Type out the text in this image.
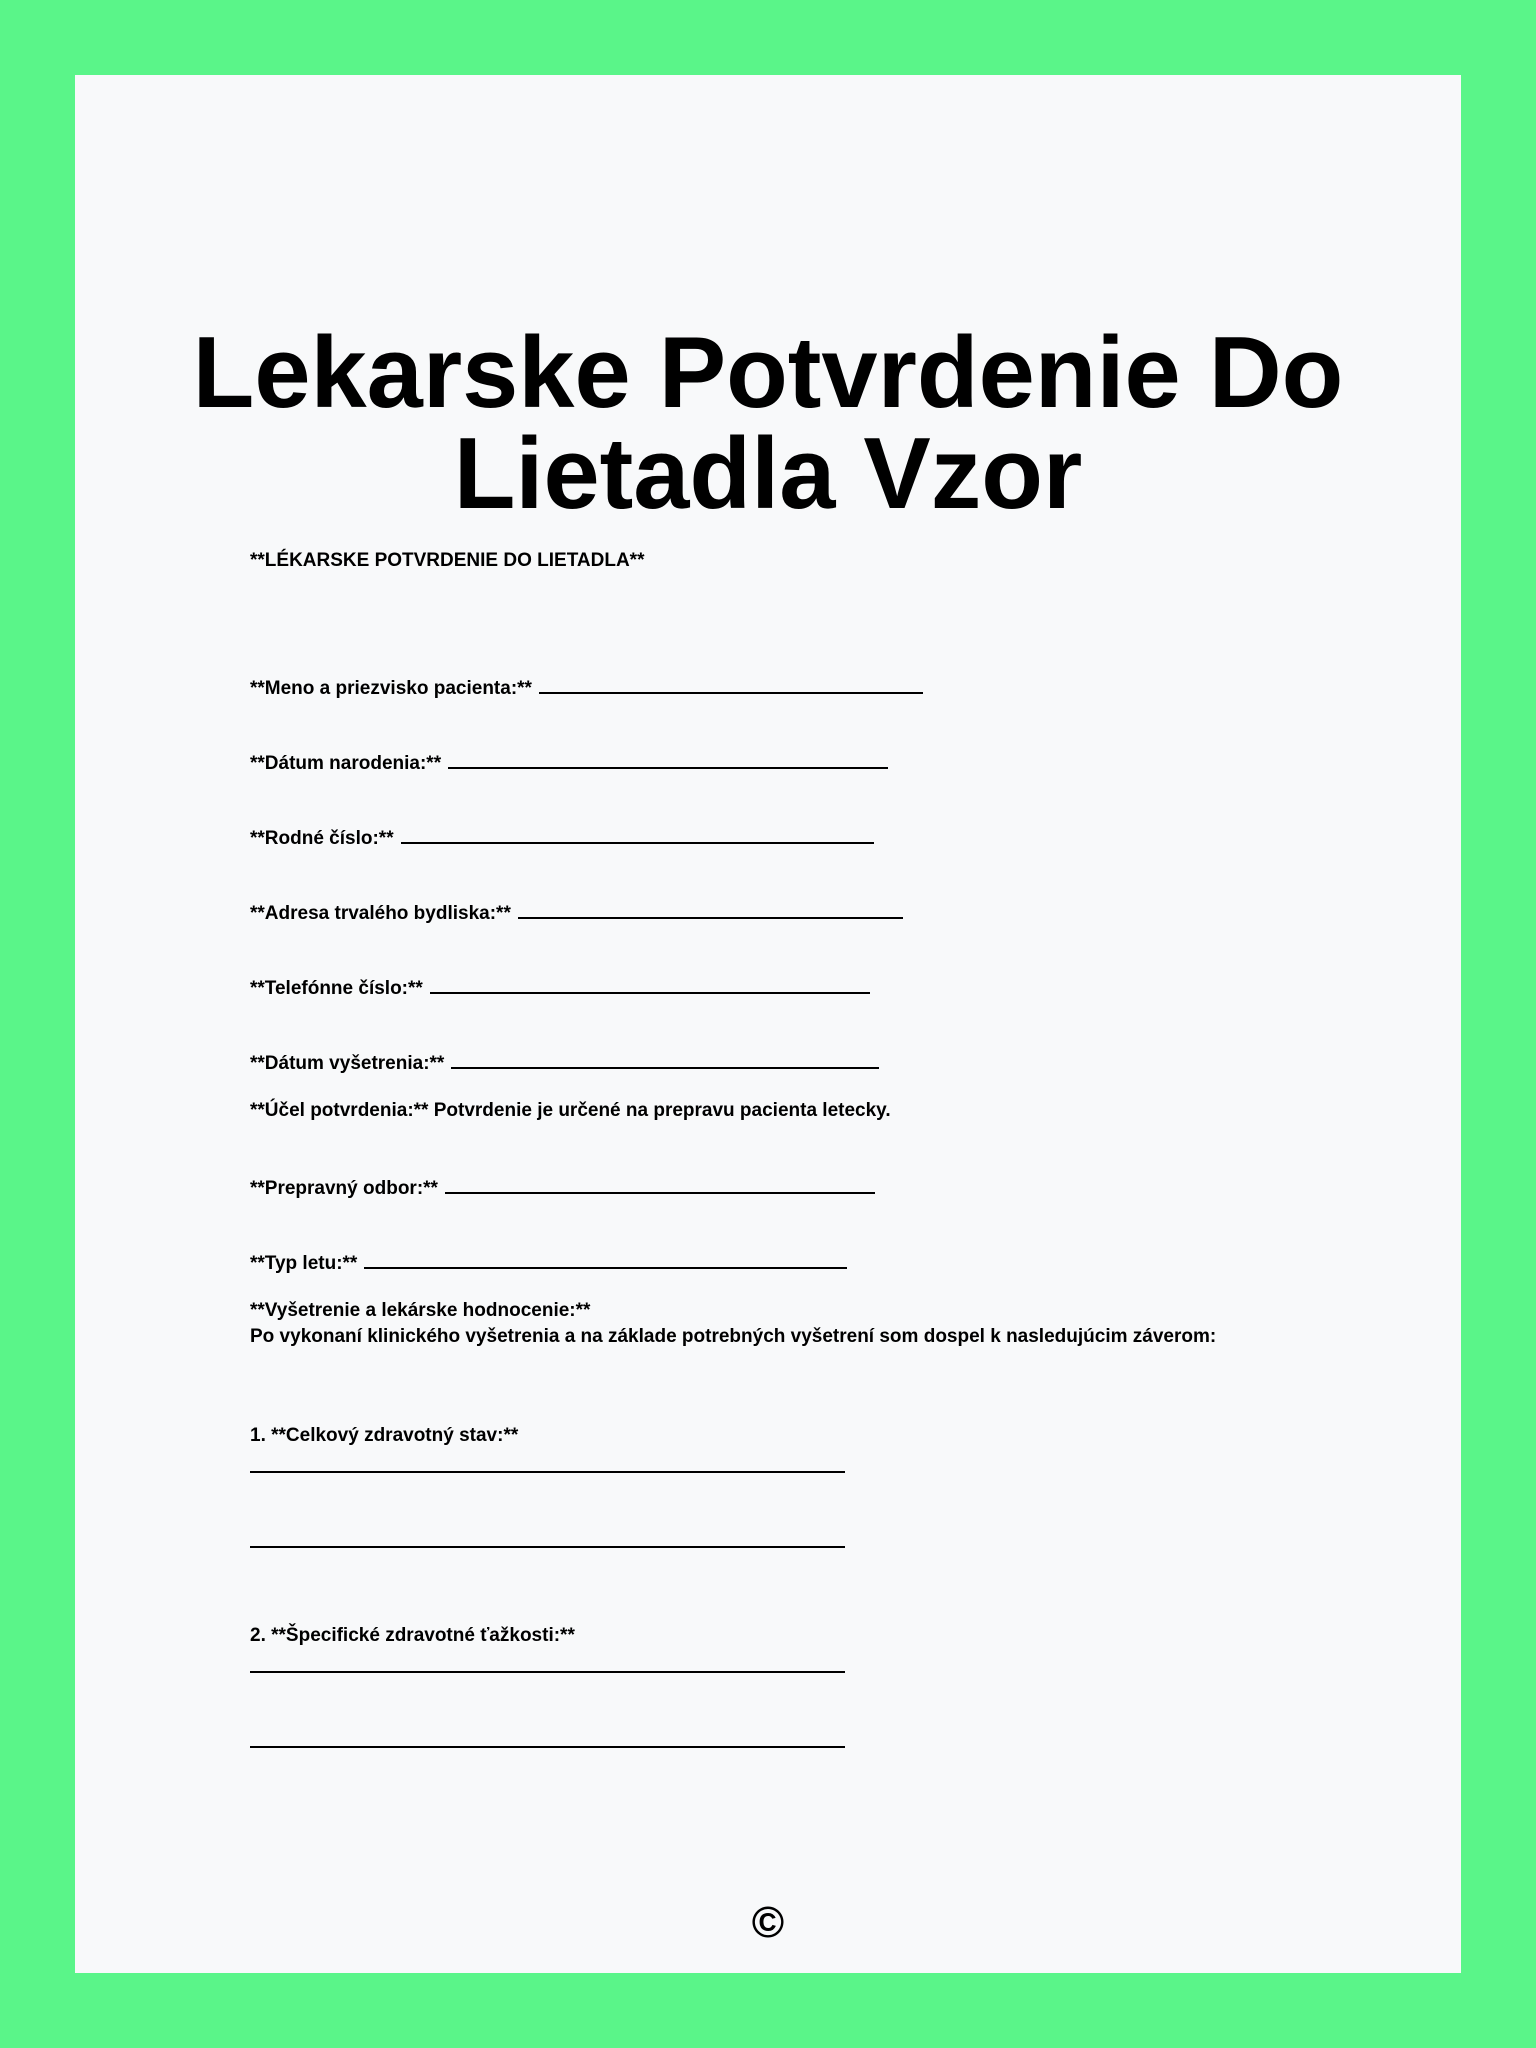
Lekarske Potvrdenie Do
Lietadla Vzor
**LÉKARSKE POTVRDENIE DO LIETADLA**
**Meno a priezvisko pacienta:**
**Dátum narodenia:**
**Rodné číslo:**
**Adresa trvalého bydliska:**
**Telefónne číslo:**
**Dátum vyšetrenia:**
**Účel potvrdenia:** Potvrdenie je určené na prepravu pacienta letecky.
**Prepravný odbor:**
**Typ letu:**
**Vyšetrenie a lekárske hodnocenie:**
Po vykonaní klinického vyšetrenia a na základe potrebných vyšetrení som dospel k nasledujúcim záverom:
1. **Celkový zdravotný stav:**
2. **Špecifické zdravotné ťažkosti:**
©
